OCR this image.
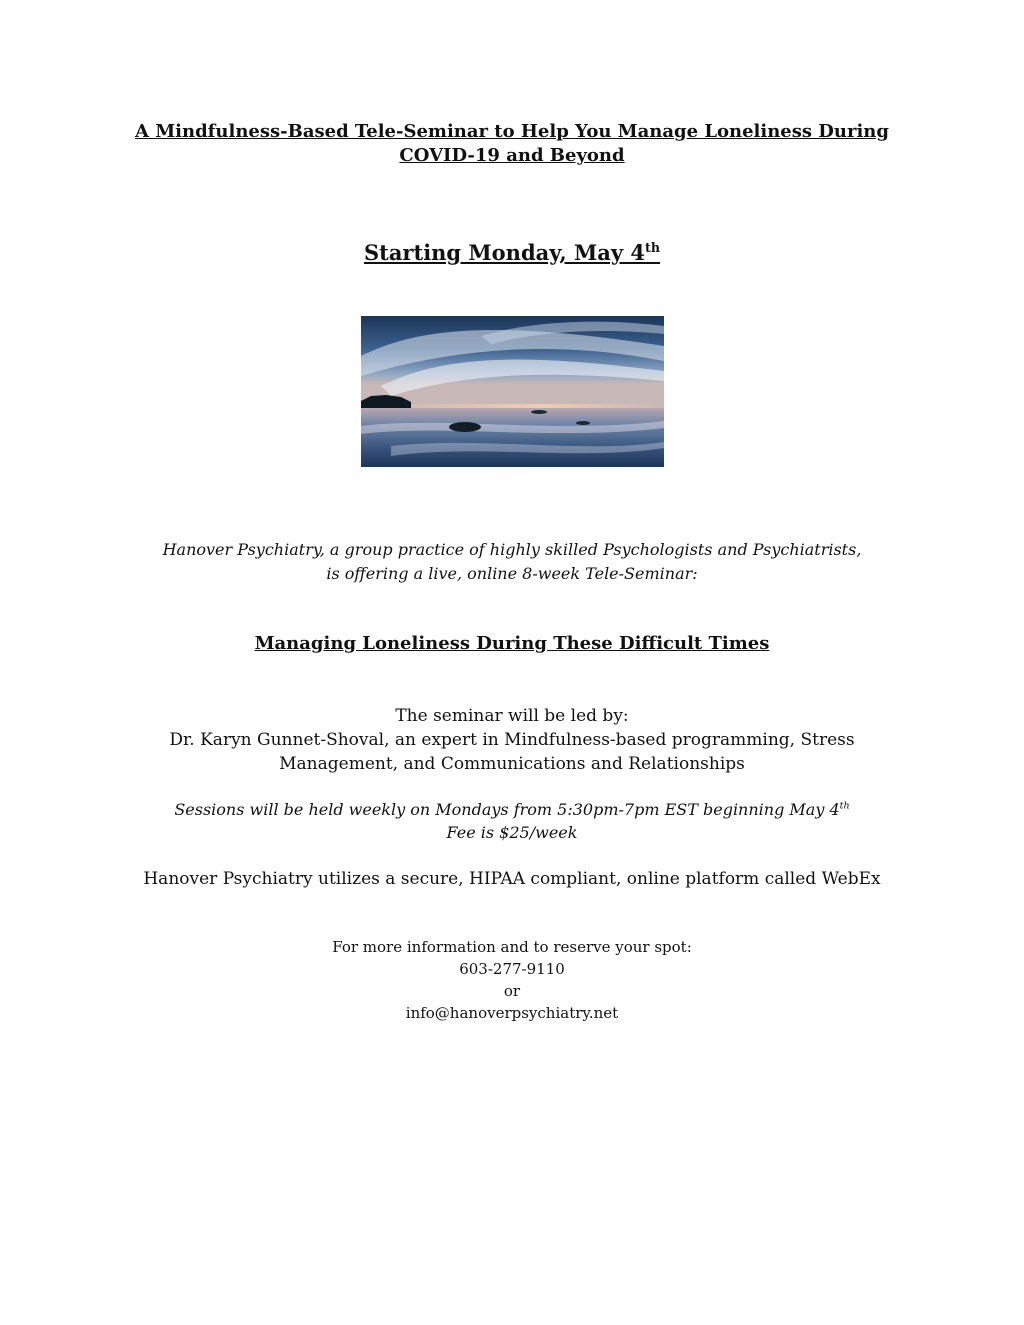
A Mindfulness-Based Tele-Seminar to Help You Manage Loneliness During
COVID-19 and Beyond
Starting Monday, May 4th
Hanover Psychiatry, a group practice of highly skilled Psychologists and Psychiatrists,
is offering a live, online 8-week Tele-Seminar:
Managing Loneliness During These Difficult Times
The seminar will be led by:
Dr. Karyn Gunnet-Shoval, an expert in Mindfulness-based programming, Stress
Management, and Communications and Relationships
Sessions will be held weekly on Mondays from 5:30pm-7pm EST beginning May 4th
Fee is $25/week
Hanover Psychiatry utilizes a secure, HIPAA compliant, online platform called WebEx
For more information and to reserve your spot:
603-277-9110
or
info@hanoverpsychiatry.net
